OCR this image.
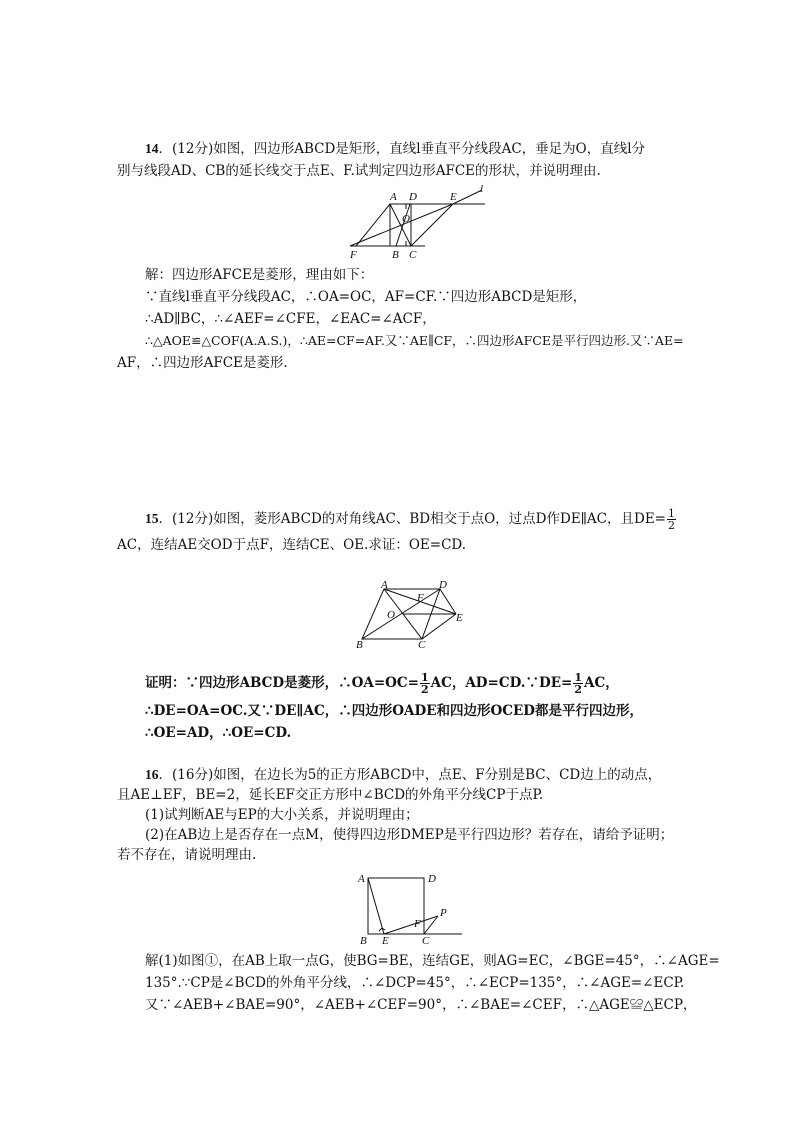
14．(12分)如图，四边形ABCD是矩形，直线l垂直平分线段AC，垂足为O，直线l分
别与线段AD、CB的延长线交于点E、F.试判定四边形AFCE的形状，并说明理由.
A D	E
l
O
F	B C
解：四边形AFCE是菱形，理由如下：
∵直线l垂直平分线段AC，∴OA=OC，AF=CF.∵四边形ABCD是矩形，
∴AD∥BC，∴∠AEF=∠CFE，∠EAC=∠ACF，
∴△AOE≌△COF(A.A.S.)，∴AE=CF=AF.又∵AE∥CF，∴四边形AFCE是平行四边形.又∵AE=
AF，∴四边形AFCE是菱形.
15．(12分)如图，菱形ABCD的对角线AC、BD相交于点O，过点D作DE∥AC，且$DE= \frac{1}{2}$
AC，连结AE交OD于点F，连结CE、OE.求证：OE=CD.
A	D
F
O	E
B	C
证明：∵四边形ABCD是菱形，∴OA=OC= $\frac{1}{2}$ AC，AD=CD.∵DE= $\frac{1}{2}$ AC，
∴DE=OA=OC.又∵DE∥AC，∴四边形OADE和四边形OCED都是平行四边形，
∴OE=AD，∴OE=CD.
16．(16分)如图，在边长为5的正方形ABCD中，点E、F分别是BC、CD边上的动点，
且AE⊥EF，BE=2，延长EF交正方形中∠BCD的外角平分线CP于点P.
(1)试判断AE与EP的大小关系，并说明理由；
(2)在AB边上是否存在一点M，使得四边形DMEP是平行四边形？若存在，请给予证明；
若不存在，请说明理由.
A	D
F
P
B E	C
解(1)如图①，在AB上取一点G，使BG=BE，连结GE，则AG=EC，∠BGE=45°，∴∠AGE=
135°.∵CP是∠BCD的外角平分线，∴∠DCP=45°，∴∠ECP=135°，∴∠AGE=∠ECP.
又∵∠AEB+∠BAE=90°，∠AEB+∠CEF=90°，∴∠BAE=∠CEF，∴△AGE≌△ECP，
